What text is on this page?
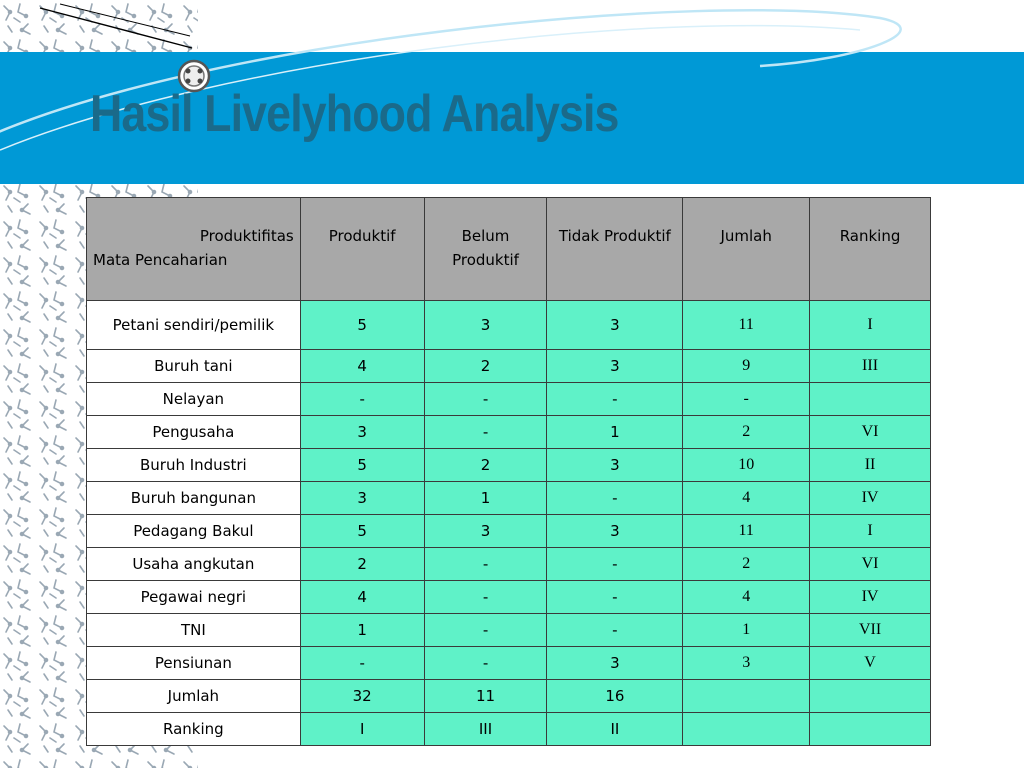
Hasil Livelyhood Analysis
Produktifitas
Mata Pencaharian	Produktif	Belum Produktif	Tidak Produktif	Jumlah	Ranking
Petani sendiri/pemilik	5	3	3	11	I
Buruh tani	4	2	3	9	III
Nelayan	-	-	-	-	
Pengusaha	3	-	1	2	VI
Buruh Industri	5	2	3	10	II
Buruh bangunan	3	1	-	4	IV
Pedagang Bakul	5	3	3	11	I
Usaha angkutan	2	-	-	2	VI
Pegawai negri	4	-	-	4	IV
TNI	1	-	-	1	VII
Pensiunan	-	-	3	3	V
Jumlah	32	11	16		
Ranking	I	III	II		
